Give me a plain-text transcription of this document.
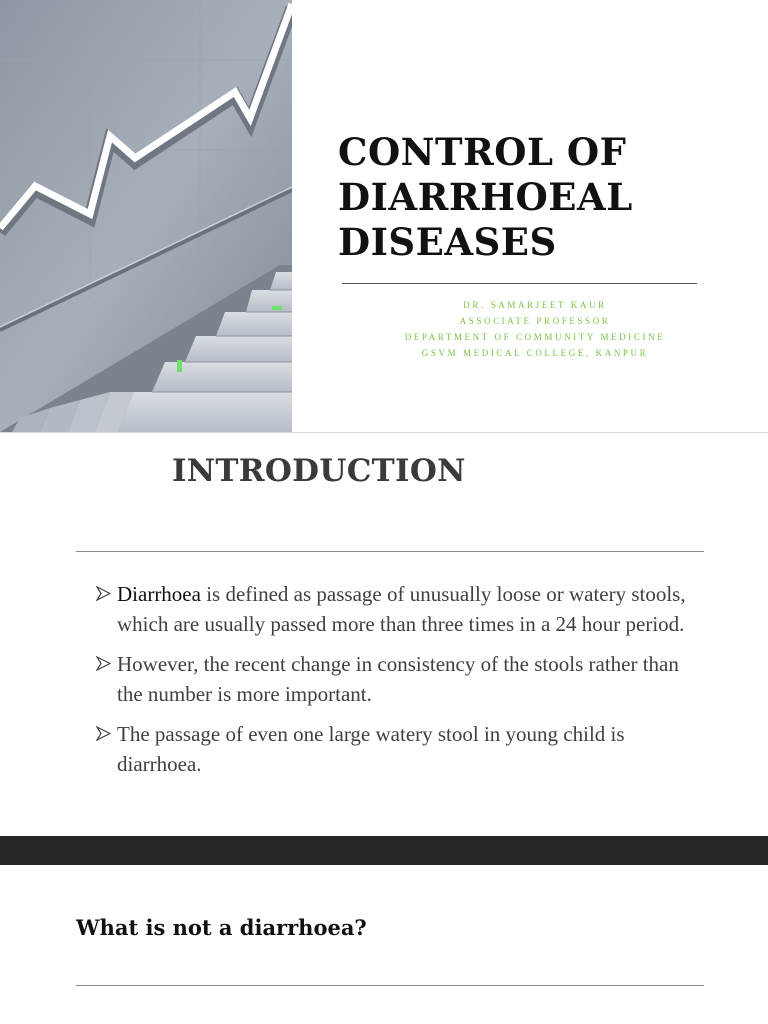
CONTROL OF
DIARRHOEAL
DISEASES
DR. SAMARJEET KAUR
ASSOCIATE PROFESSOR
DEPARTMENT OF COMMUNITY MEDICINE
GSVM MEDICAL COLLEGE, KANPUR
INTRODUCTION
Diarrhoea is defined as passage of unusually loose or watery stools, which are usually passed more than three times in a 24 hour period.
However, the recent change in consistency of the stools rather than the number is more important.
The passage of even one large watery stool in young child is diarrhoea.
What is not a diarrhoea?
